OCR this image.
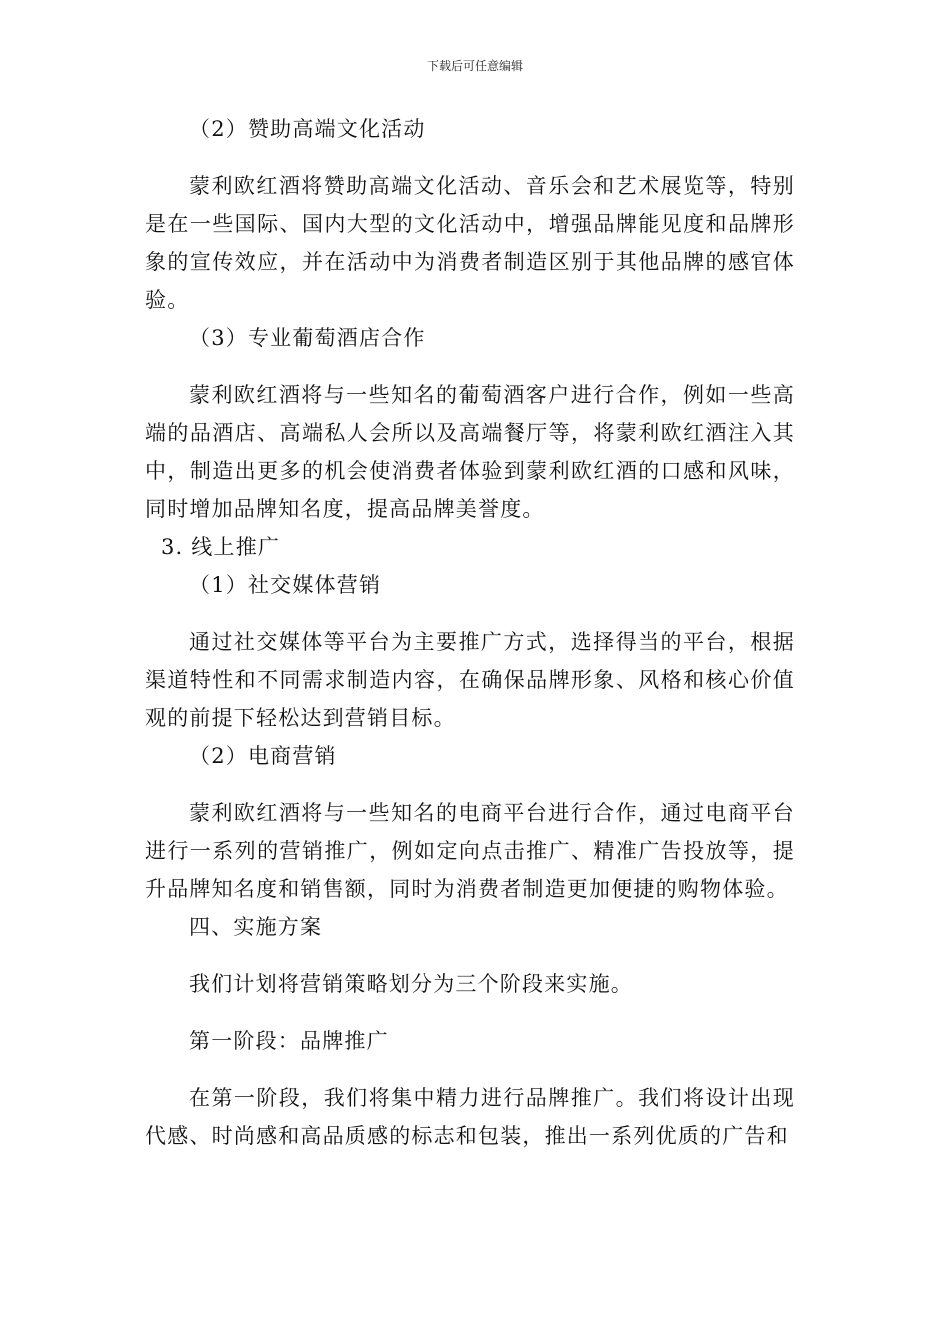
下载后可任意编辑

（2）赞助高端文化活动

蒙利欧红酒将赞助高端文化活动、音乐会和艺术展览等，特别是在一些国际、国内大型的文化活动中，增强品牌能见度和品牌形象的宣传效应，并在活动中为消费者制造区别于其他品牌的感官体验。

（3）专业葡萄酒店合作

蒙利欧红酒将与一些知名的葡萄酒客户进行合作，例如一些高端的品酒店、高端私人会所以及高端餐厅等，将蒙利欧红酒注入其中，制造出更多的机会使消费者体验到蒙利欧红酒的口感和风味，同时增加品牌知名度，提高品牌美誉度。

3. 线上推广

（1）社交媒体营销

通过社交媒体等平台为主要推广方式，选择得当的平台，根据渠道特性和不同需求制造内容，在确保品牌形象、风格和核心价值观的前提下轻松达到营销目标。

（2）电商营销

蒙利欧红酒将与一些知名的电商平台进行合作，通过电商平台进行一系列的营销推广，例如定向点击推广、精准广告投放等，提升品牌知名度和销售额，同时为消费者制造更加便捷的购物体验。

四、实施方案

我们计划将营销策略划分为三个阶段来实施。

第一阶段：品牌推广

在第一阶段，我们将集中精力进行品牌推广。我们将设计出现代感、时尚感和高品质感的标志和包装，推出一系列优质的广告和
